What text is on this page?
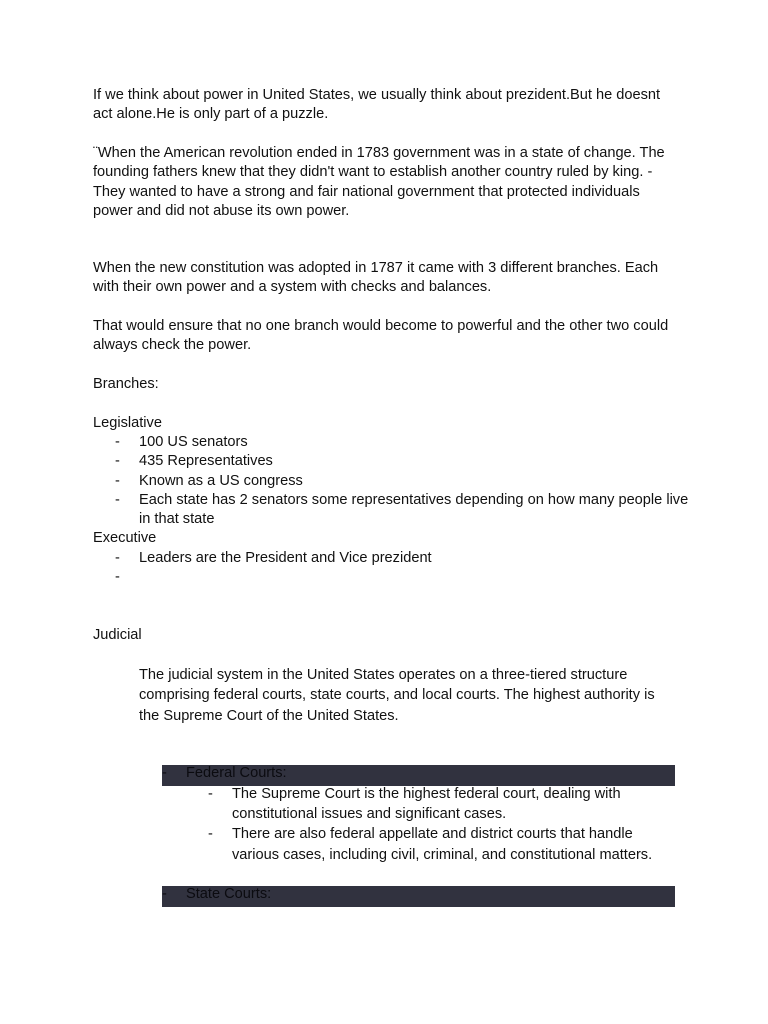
If we think about power in United States, we usually think about prezident.But he doesnt act alone.He is only part of a puzzle.

¨When the American revolution ended in 1783 government was in a state of change. The founding fathers knew that they didn't want to establish another country ruled by king. - They wanted to have a strong and fair national government that protected individuals power and did not abuse its own power.

When the new constitution was adopted in 1787 it came with 3 different branches. Each with their own power and a system with checks and balances.

That would ensure that no one branch would become to powerful and the other two could always check the power.

Branches:

Legislative

- 100 US senators
- 435 Representatives
- Known as a US congress
- Each state has 2 senators some representatives depending on how many people live in that state

Executive

- Leaders are the President and Vice prezident
-

Judicial

The judicial system in the United States operates on a three-tiered structure comprising federal courts, state courts, and local courts. The highest authority is the Supreme Court of the United States.

- Federal Courts:
- The Supreme Court is the highest federal court, dealing with constitutional issues and significant cases.
- There are also federal appellate and district courts that handle various cases, including civil, criminal, and constitutional matters.
- State Courts:
